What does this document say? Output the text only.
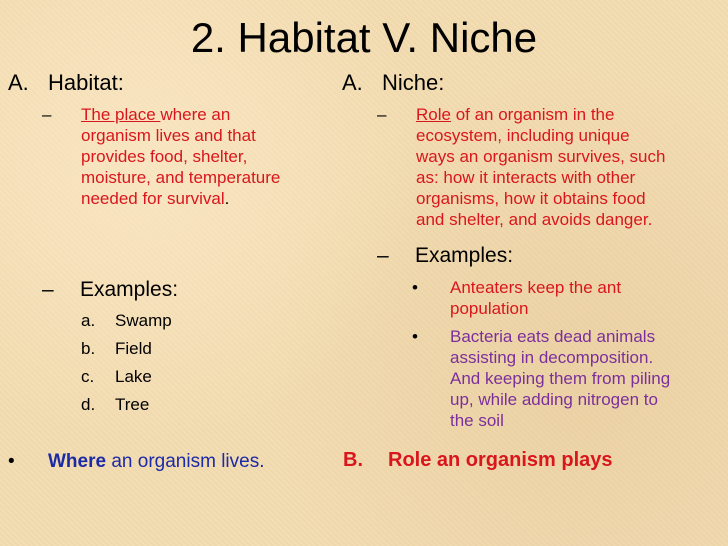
2. Habitat V. Niche
A. Habitat:
– The place where an
organism lives and that
provides food, shelter,
moisture, and temperature
needed for survival.
– Examples:
a. Swamp
b. Field
c. Lake
d. Tree
• Where an organism lives.
A. Niche:
– Role of an organism in the
ecosystem, including unique
ways an organism survives, such
as: how it interacts with other
organisms, how it obtains food
and shelter, and avoids danger.
– Examples:
• Anteaters keep the ant
population
• Bacteria eats dead animals
assisting in decomposition.
And keeping them from piling
up, while adding nitrogen to
the soil
B. Role an organism plays
